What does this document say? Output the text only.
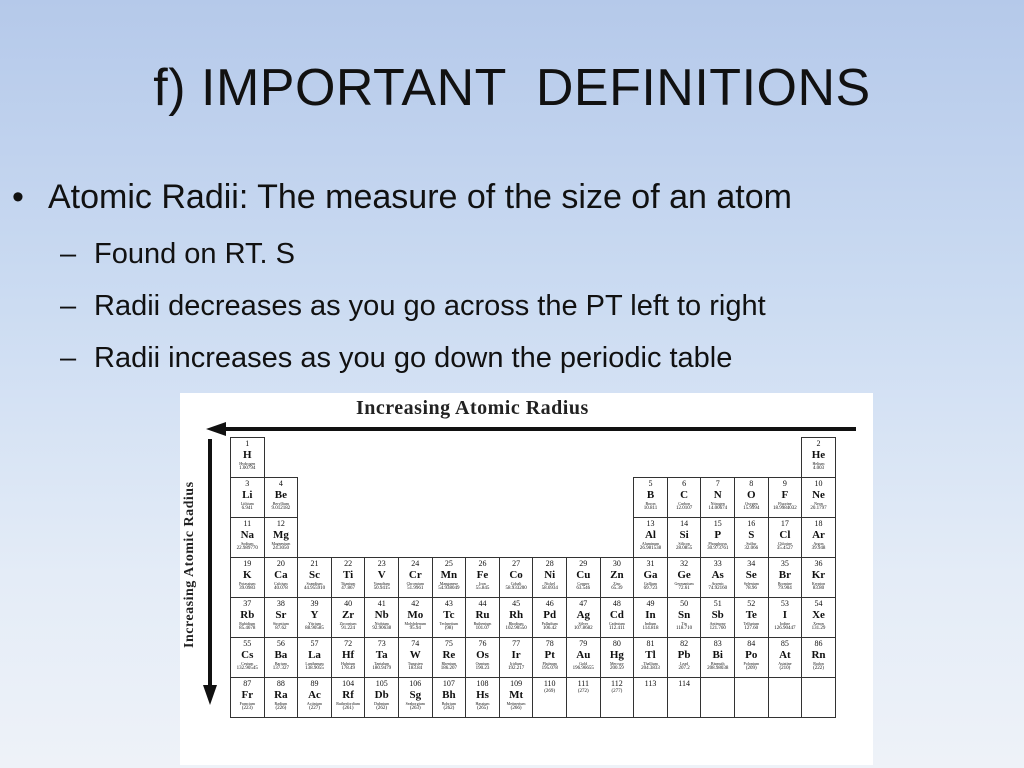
f) IMPORTANT  DEFINITIONS
• Atomic Radii: The measure of the size of an atom
– Found on RT. S
– Radii decreases as you go across the PT left to right
– Radii increases as you go down the periodic table
Increasing Atomic Radius
Increasing Atomic Radius
1
H
Hydrogen
1.00794
2
He
Helium
4.003
3
Li
Lithium
6.941
4
Be
Beryllium
9.012182
5
B
Boron
10.811
6
C
Carbon
12.0107
7
N
Nitrogen
14.00674
8
O
Oxygen
15.9994
9
F
Fluorine
18.9984032
10
Ne
Neon
20.1797
11
Na
Sodium
22.989770
12
Mg
Magnesium
24.3050
13
Al
Aluminum
26.981538
14
Si
Silicon
28.0855
15
P
Phosphorus
30.973761
16
S
Sulfur
32.066
17
Cl
Chlorine
35.4527
18
Ar
Argon
39.948
19
K
Potassium
39.0983
20
Ca
Calcium
40.078
21
Sc
Scandium
44.955910
22
Ti
Titanium
47.867
23
V
Vanadium
50.9415
24
Cr
Chromium
51.9961
25
Mn
Manganese
54.938049
26
Fe
Iron
55.845
27
Co
Cobalt
58.933200
28
Ni
Nickel
58.6934
29
Cu
Copper
63.546
30
Zn
Zinc
65.39
31
Ga
Gallium
69.723
32
Ge
Germanium
72.61
33
As
Arsenic
74.92160
34
Se
Selenium
78.96
35
Br
Bromine
79.904
36
Kr
Krypton
83.80
37
Rb
Rubidium
85.4678
38
Sr
Strontium
87.62
39
Y
Yttrium
88.90585
40
Zr
Zirconium
91.224
41
Nb
Niobium
92.90638
42
Mo
Molybdenum
95.94
43
Tc
Technetium
(98)
44
Ru
Ruthenium
101.07
45
Rh
Rhodium
102.90550
46
Pd
Palladium
106.42
47
Ag
Silver
107.8682
48
Cd
Cadmium
112.411
49
In
Indium
114.818
50
Sn
Tin
118.710
51
Sb
Antimony
121.760
52
Te
Tellurium
127.60
53
I
Iodine
126.90447
54
Xe
Xenon
131.29
55
Cs
Cesium
132.90545
56
Ba
Barium
137.327
57
La
Lanthanum
138.9055
72
Hf
Hafnium
178.49
73
Ta
Tantalum
180.9479
74
W
Tungsten
183.84
75
Re
Rhenium
186.207
76
Os
Osmium
190.23
77
Ir
Iridium
192.217
78
Pt
Platinum
195.078
79
Au
Gold
196.96655
80
Hg
Mercury
200.59
81
Tl
Thallium
204.3833
82
Pb
Lead
207.2
83
Bi
Bismuth
208.98038
84
Po
Polonium
(209)
85
At
Astatine
(210)
86
Rn
Radon
(222)
87
Fr
Francium
(223)
88
Ra
Radium
(226)
89
Ac
Actinium
(227)
104
Rf
Rutherfordium
(261)
105
Db
Dubnium
(262)
106
Sg
Seaborgium
(263)
107
Bh
Bohrium
(262)
108
Hs
Hassium
(265)
109
Mt
Meitnerium
(266)
110
(269)
111
(272)
112
(277)
113	114
